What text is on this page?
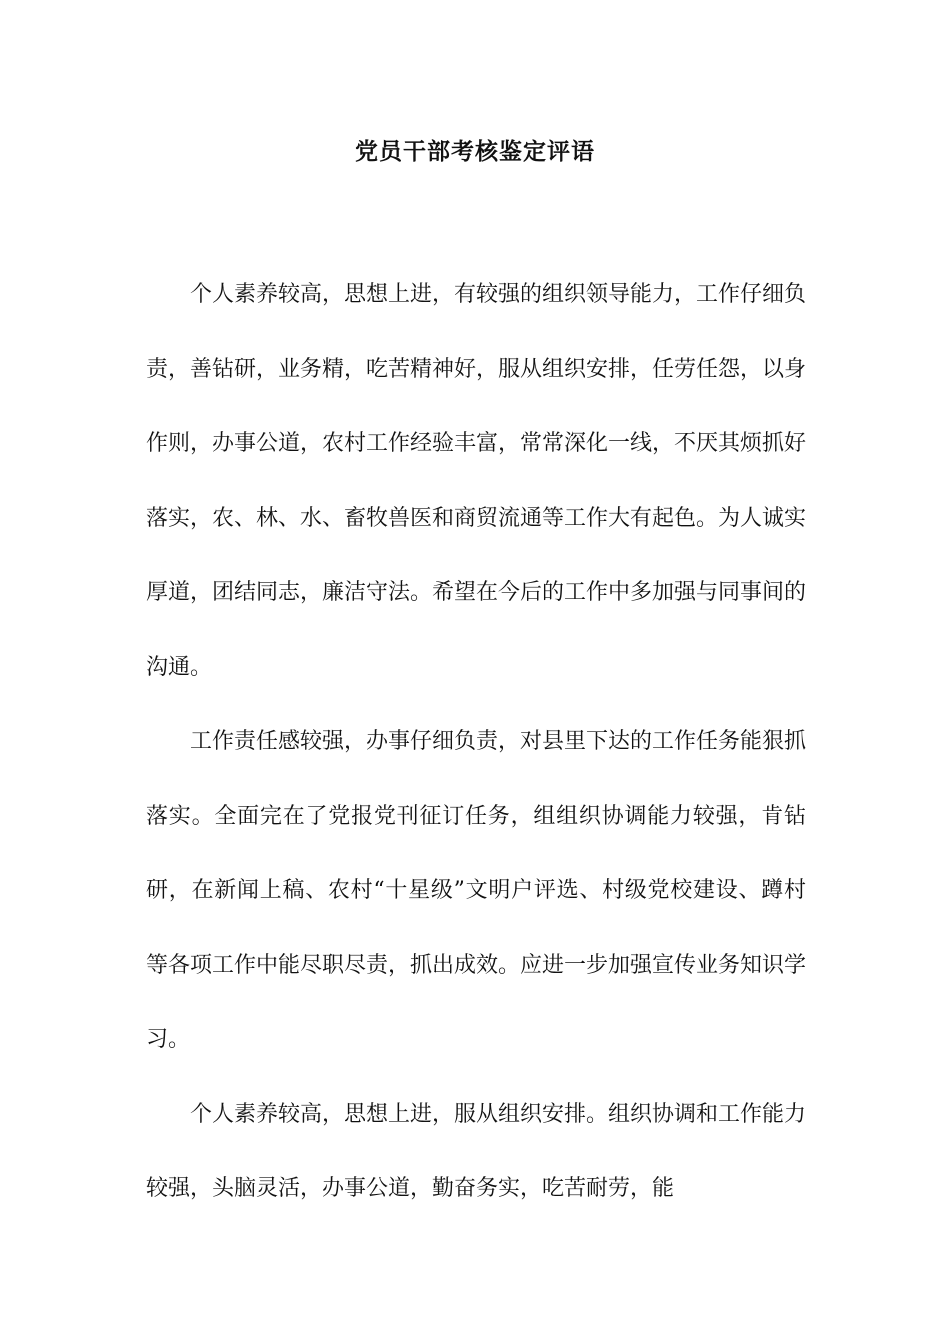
党员干部考核鉴定评语

个人素养较高，思想上进，有较强的组织领导能力，工作仔细负责，善钻研，业务精，吃苦精神好，服从组织安排，任劳任怨，以身作则，办事公道，农村工作经验丰富，常常深化一线，不厌其烦抓好落实，农、林、水、畜牧兽医和商贸流通等工作大有起色。为人诚实厚道，团结同志，廉洁守法。希望在今后的工作中多加强与同事间的沟通。

工作责任感较强，办事仔细负责，对县里下达的工作任务能狠抓落实。全面完在了党报党刊征订任务，组组织协调能力较强，肯钻研，在新闻上稿、农村“十星级”文明户评选、村级党校建设、蹲村等各项工作中能尽职尽责，抓出成效。应进一步加强宣传业务知识学习。

个人素养较高，思想上进，服从组织安排。组织协调和工作能力较强，头脑灵活，办事公道，勤奋务实，吃苦耐劳，能
